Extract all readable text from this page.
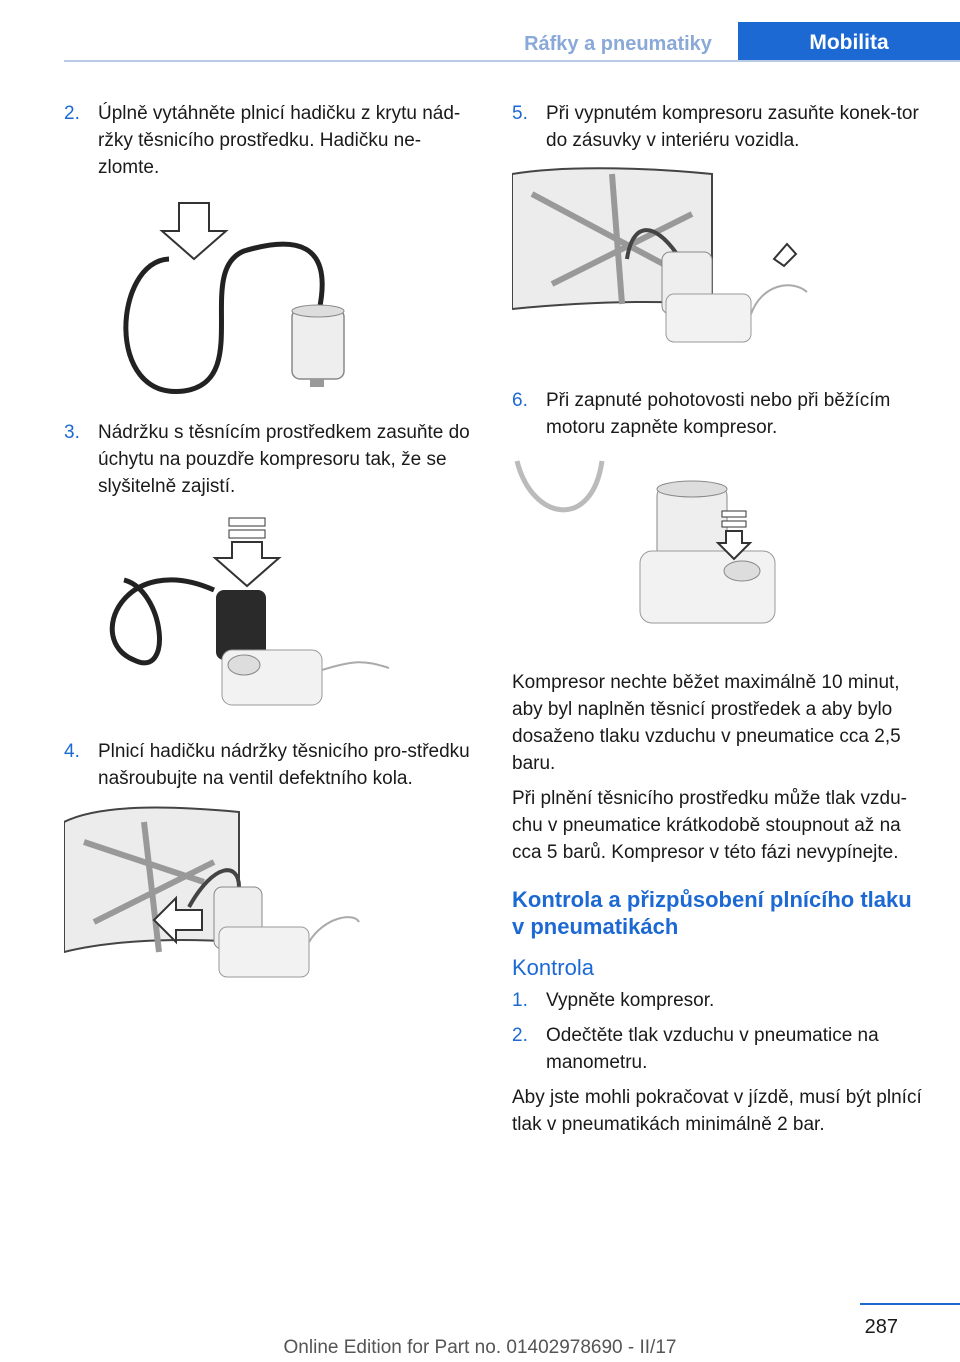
Ráfky a pneumatiky	Mobilita
2. Úplně vytáhněte plnicí hadičku z krytu nád‐ržky těsnicího prostředku. Hadičku ne‐zlomte.
3. Nádržku s těsnícím prostředkem zasuňte do úchytu na pouzdře kompresoru tak, že se slyšitelně zajistí.
4. Plnicí hadičku nádržky těsnicího pro‐středku našroubujte na ventil defektního kola.
5. Při vypnutém kompresoru zasuňte konek‐tor do zásuvky v interiéru vozidla.
6. Při zapnuté pohotovosti nebo při běžícím motoru zapněte kompresor.

Kompresor nechte běžet maximálně 10 minut, aby byl naplněn těsnicí prostředek a aby bylo dosaženo tlaku vzduchu v pneumatice cca 2,5 baru.

Při plnění těsnicího prostředku může tlak vzdu‐chu v pneumatice krátkodobě stoupnout až na cca 5 barů. Kompresor v této fázi nevypínejte.

Kontrola a přizpůsobení plnícího tlaku v pneumatikách
Kontrola
1. Vypněte kompresor.
2. Odečtěte tlak vzduchu v pneumatice na manometru.

Aby jste mohli pokračovat v jízdě, musí být plnící tlak v pneumatikách minimálně 2 bar.

287
Online Edition for Part no. 01402978690 - II/17
